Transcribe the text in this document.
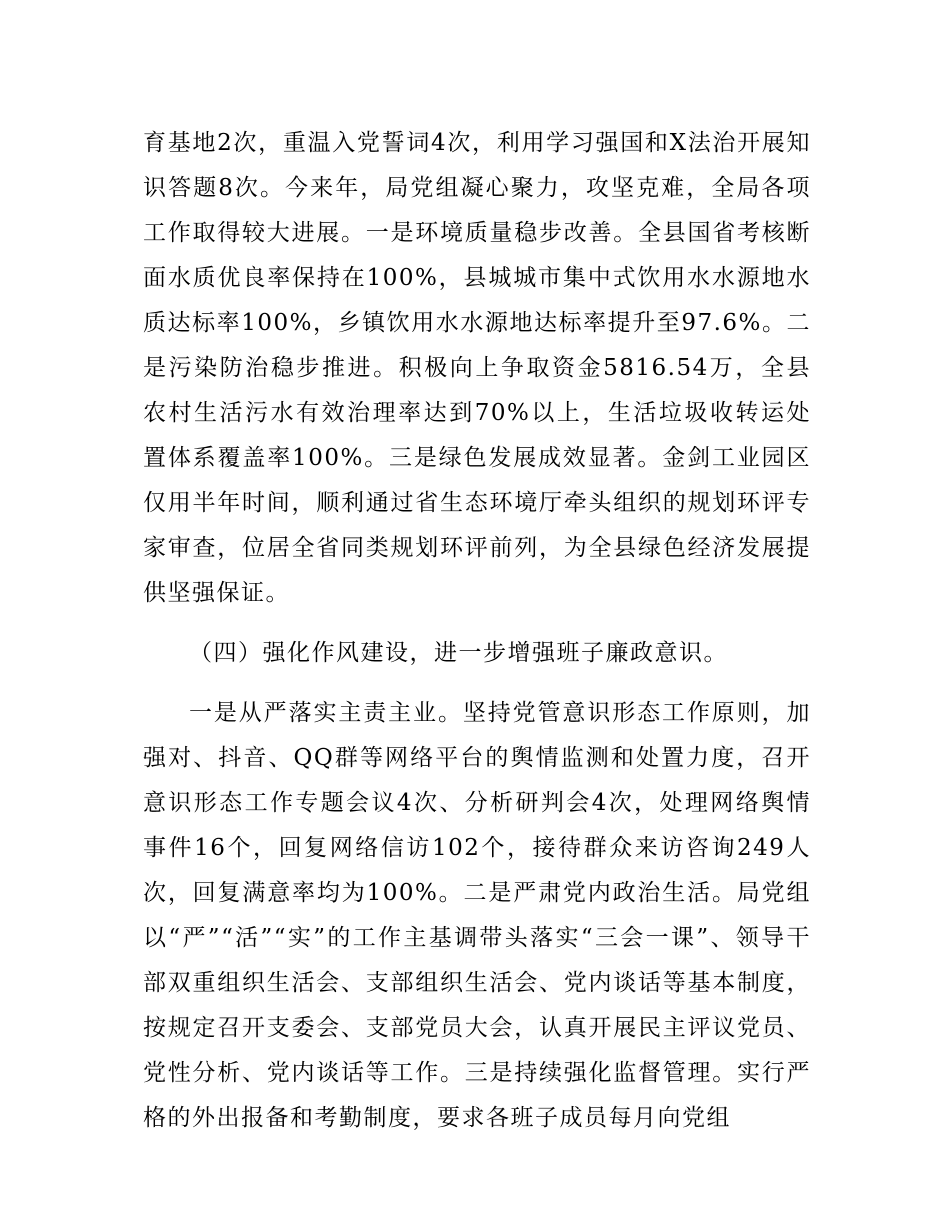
育基地2次，重温入党誓词4次，利用学习强国和X法治开展知识答题8次。今来年，局党组凝心聚力，攻坚克难，全局各项工作取得较大进展。一是环境质量稳步改善。全县国省考核断面水质优良率保持在100%，县城城市集中式饮用水水源地水质达标率100%，乡镇饮用水水源地达标率提升至97.6%。二是污染防治稳步推进。积极向上争取资金5816.54万，全县农村生活污水有效治理率达到70%以上，生活垃圾收转运处置体系覆盖率100%。三是绿色发展成效显著。金剑工业园区仅用半年时间，顺利通过省生态环境厅牵头组织的规划环评专家审查，位居全省同类规划环评前列，为全县绿色经济发展提供坚强保证。

（四）强化作风建设，进一步增强班子廉政意识。

一是从严落实主责主业。坚持党管意识形态工作原则，加强对、抖音、QQ群等网络平台的舆情监测和处置力度，召开意识形态工作专题会议4次、分析研判会4次，处理网络舆情事件16个，回复网络信访102个，接待群众来访咨询249人次，回复满意率均为100%。二是严肃党内政治生活。局党组以“严”“活”“实”的工作主基调带头落实“三会一课”、领导干部双重组织生活会、支部组织生活会、党内谈话等基本制度，按规定召开支委会、支部党员大会，认真开展民主评议党员、党性分析、党内谈话等工作。三是持续强化监督管理。实行严格的外出报备和考勤制度，要求各班子成员每月向党组
